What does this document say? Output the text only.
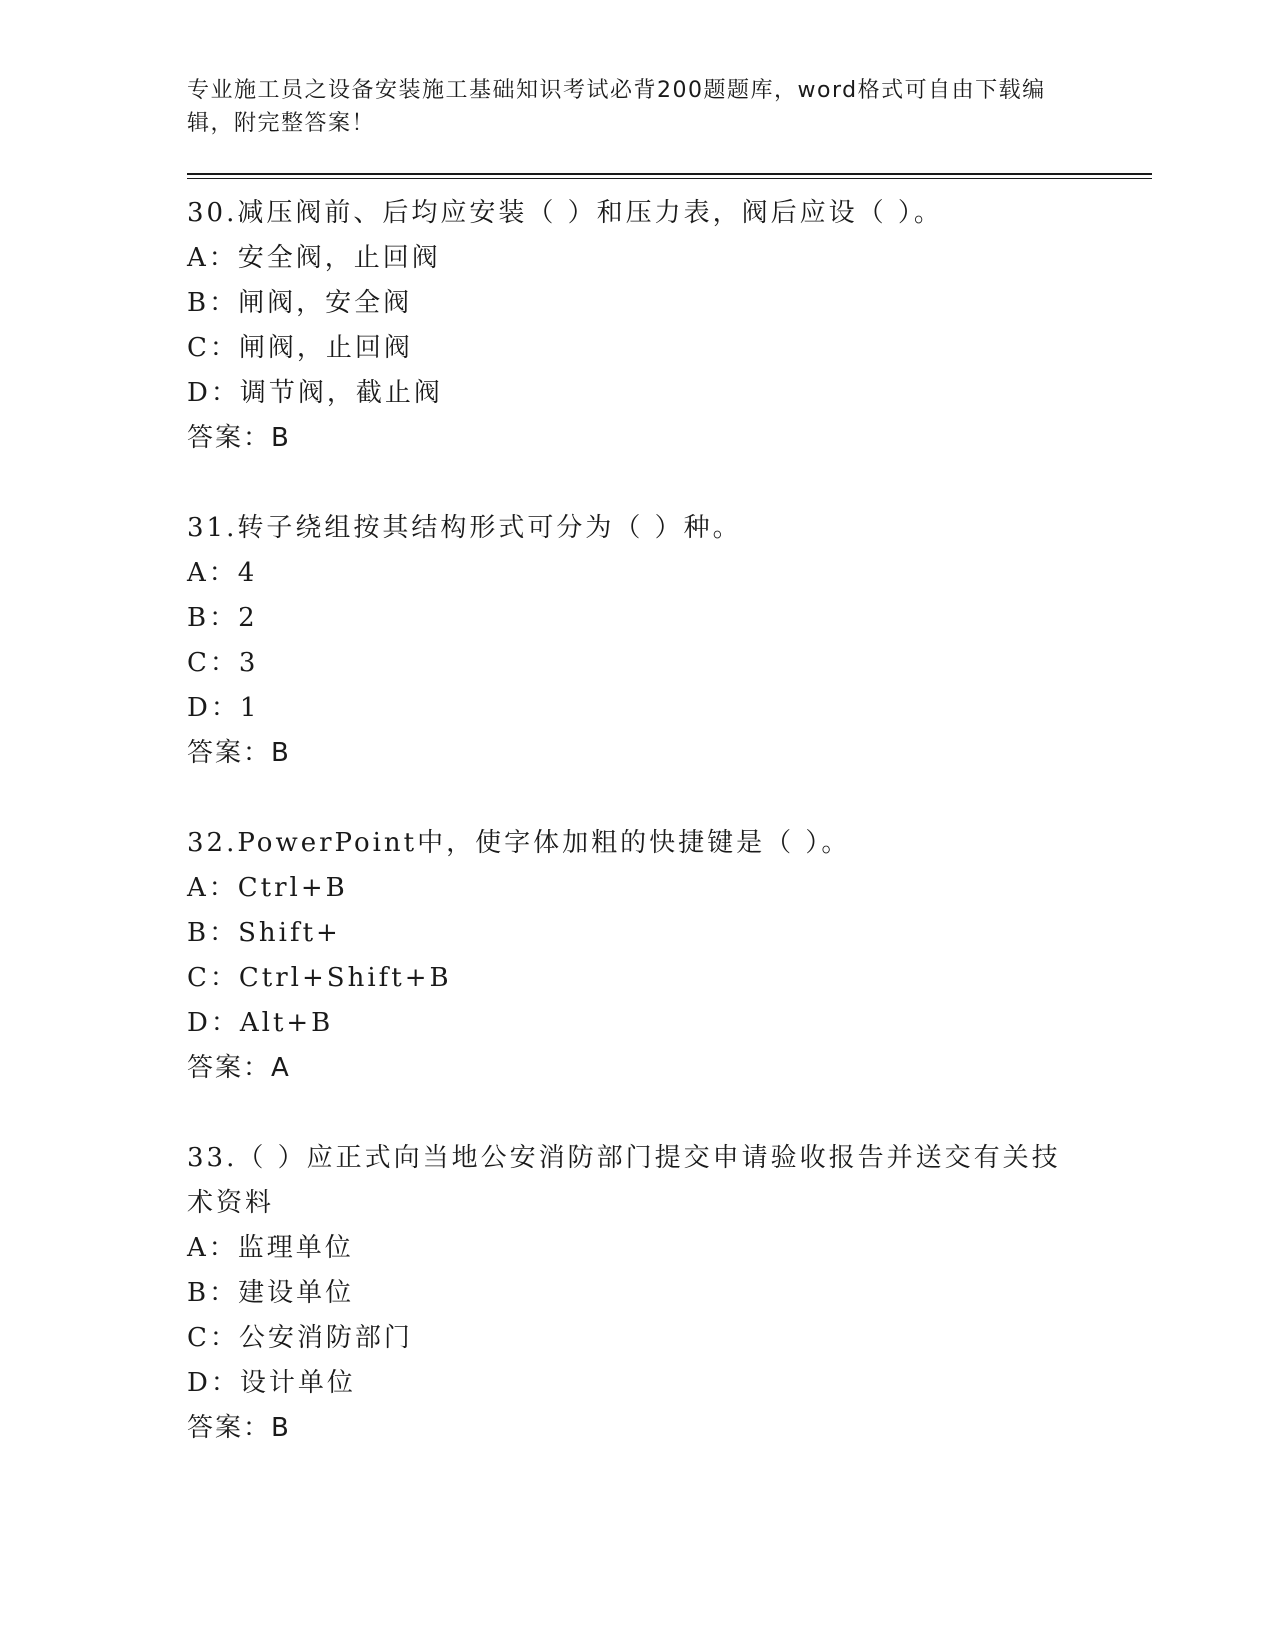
专业施工员之设备安装施工基础知识考试必背200题题库，word格式可自由下载编辑，附完整答案！

30.减压阀前、后均应安装（ ）和压力表，阀后应设（ ）。

A： 安全阀，止回阀

B： 闸阀，安全阀

C： 闸阀，止回阀

D： 调节阀，截止阀

答案：B

31.转子绕组按其结构形式可分为（ ）种。

A： 4

B： 2

C： 3

D： 1

答案：B

32.PowerPoint中，使字体加粗的快捷键是（ ）。

A： Ctrl+B

B： Shift+

C： Ctrl+Shift+B

D： Alt+B

答案：A

33.（ ）应正式向当地公安消防部门提交申请验收报告并送交有关技术资料

A： 监理单位

B： 建设单位

C： 公安消防部门

D： 设计单位

答案：B
